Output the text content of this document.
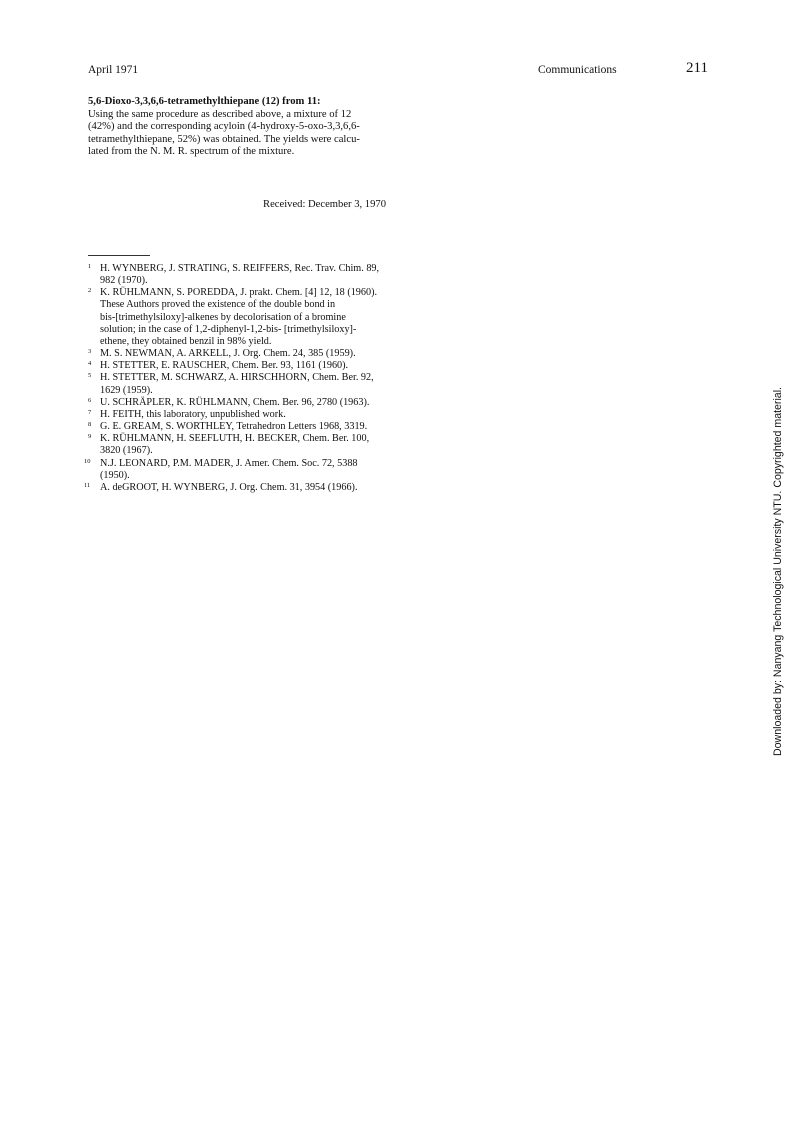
April 1971	Communications	211
5,6-Dioxo-3,3,6,6-tetramethylthiepane (12) from 11:
Using the same procedure as described above, a mixture of 12
(42%) and the corresponding acyloin (4-hydroxy-5-oxo-3,3,6,6-
tetramethylthiepane, 52%) was obtained. The yields were calcu-
lated from the N. M. R. spectrum of the mixture.
Received: December 3, 1970
1 H. WYNBERG, J. STRATING, S. REIFFERS, Rec. Trav. Chim. 89,
982 (1970).
2 K. RÜHLMANN, S. POREDDA, J. prakt. Chem. [4] 12, 18 (1960).
These Authors proved the existence of the double bond in
bis-[trimethylsiloxy]-alkenes by decolorisation of a bromine
solution; in the case of 1,2-diphenyl-1,2-bis- [trimethylsiloxy]-
ethene, they obtained benzil in 98% yield.
3 M. S. NEWMAN, A. ARKELL, J. Org. Chem. 24, 385 (1959).
4 H. STETTER, E. RAUSCHER, Chem. Ber. 93, 1161 (1960).
5 H. STETTER, M. SCHWARZ, A. HIRSCHHORN, Chem. Ber. 92,
1629 (1959).
6 U. SCHRÄPLER, K. RÜHLMANN, Chem. Ber. 96, 2780 (1963).
7 H. FEITH, this laboratory, unpublished work.
8 G. E. GREAM, S. WORTHLEY, Tetrahedron Letters 1968, 3319.
9 K. RÜHLMANN, H. SEEFLUTH, H. BECKER, Chem. Ber. 100,
3820 (1967).
10 N.J. LEONARD, P.M. MADER, J. Amer. Chem. Soc. 72, 5388
(1950).
11 A. deGROOT, H. WYNBERG, J. Org. Chem. 31, 3954 (1966).	Downloaded by: Nanyang Technological University NTU. Copyrighted material.
